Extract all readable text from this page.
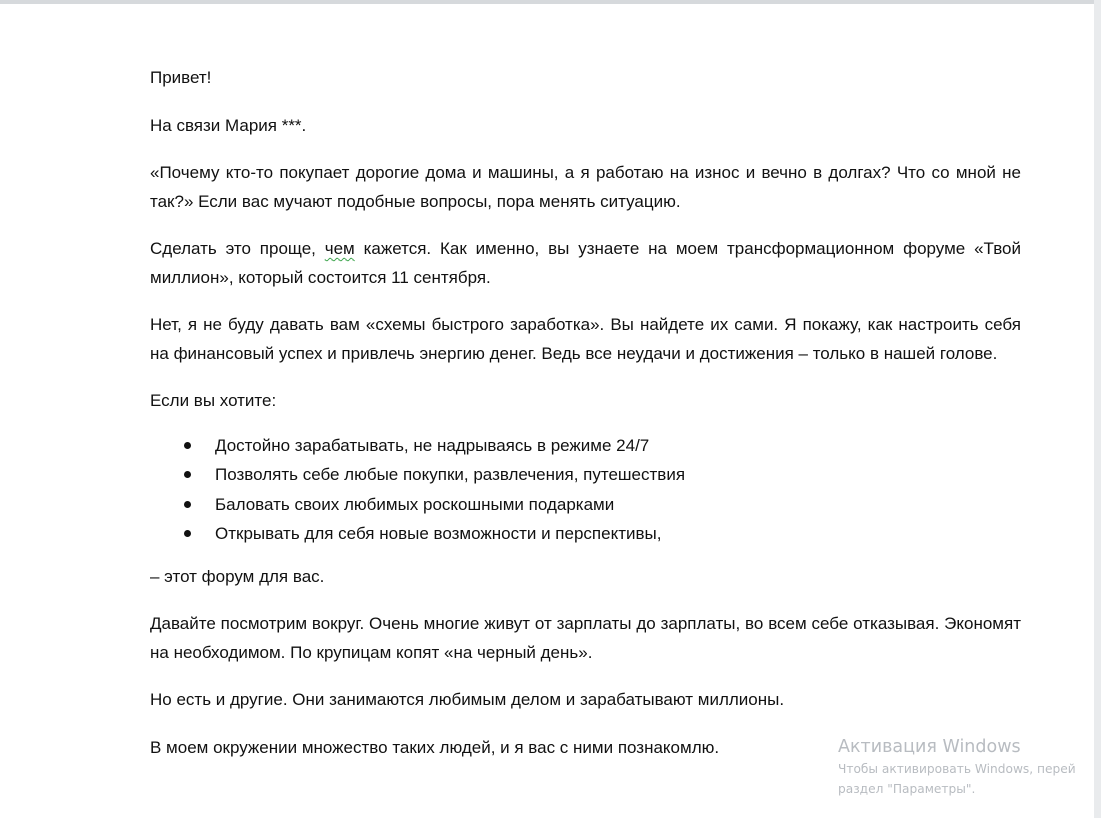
Привет!

На связи Мария ***.

«Почему кто-то покупает дорогие дома и машины, а я работаю на износ и вечно в долгах? Что со мной не так?» Если вас мучают подобные вопросы, пора менять ситуацию.

Сделать это проще, чем кажется. Как именно, вы узнаете на моем трансформационном форуме «Твой миллион», который состоится 11 сентября.

Нет, я не буду давать вам «схемы быстрого заработка». Вы найдете их сами. Я покажу, как настроить себя на финансовый успех и привлечь энергию денег. Ведь все неудачи и достижения – только в нашей голове.

Если вы хотите:

Достойно зарабатывать, не надрываясь в режиме 24/7
Позволять себе любые покупки, развлечения, путешествия
Баловать своих любимых роскошными подарками
Открывать для себя новые возможности и перспективы,

– этот форум для вас.

Давайте посмотрим вокруг. Очень многие живут от зарплаты до зарплаты, во всем себе отказывая. Экономят на необходимом. По крупицам копят «на черный день».

Но есть и другие. Они занимаются любимым делом и зарабатывают миллионы.

В моем окружении множество таких людей, и я вас с ними познакомлю.	Активация Windows
Чтобы активировать Windows, перей
раздел "Параметры".
